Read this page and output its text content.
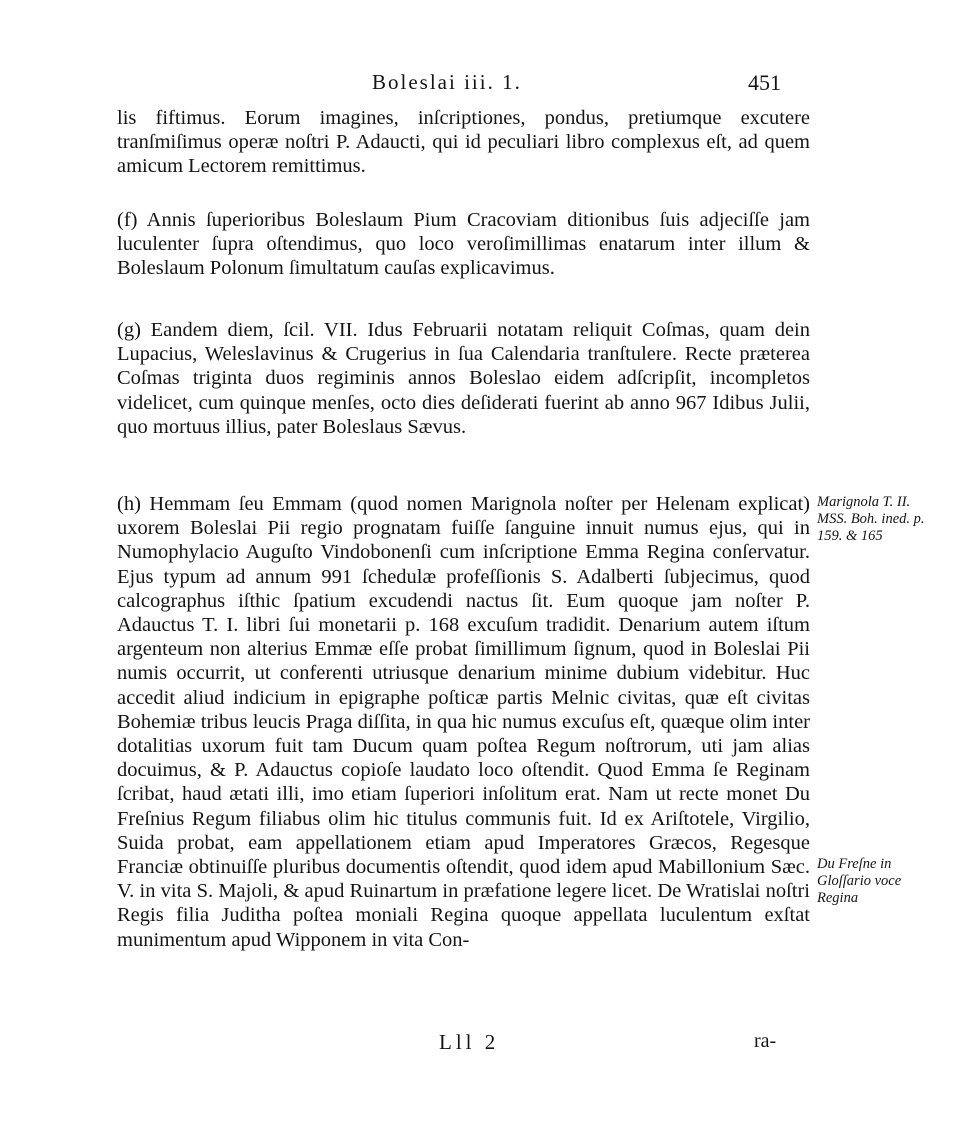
Boleslai iii. 1.	451

lis fiftimus. Eorum imagines, inſcriptiones, pondus, pretiumque excutere tranſmiſimus operæ noſtri P. Adaucti, qui id peculiari libro complexus eſt, ad quem amicum Lectorem remittimus.

(f) Annis ſuperioribus Boleslaum Pium Cracoviam ditionibus ſuis adjeciſſe jam luculenter ſupra oſtendimus, quo loco veroſimillimas enatarum inter illum & Boleslaum Polonum ſimultatum cauſas explicavimus.

(g) Eandem diem, ſcil. VII. Idus Februarii notatam reliquit Coſmas, quam dein Lupacius, Weleslavinus & Crugerius in ſua Calendaria tranſtulere. Recte præterea Coſmas triginta duos regiminis annos Boleslao eidem adſcripſit, incompletos videlicet, cum quinque menſes, octo dies deſiderati fuerint ab anno 967 Idibus Julii, quo mortuus illius, pater Boleslaus Sævus.

(h) Hemmam ſeu Emmam (quod nomen Marignola noſter per Helenam explicat) uxorem Boleslai Pii regio prognatam fuiſſe ſanguine innuit numus ejus, qui in Numophylacio Auguſto Vindobonenſi cum inſcriptione Emma Regina conſervatur. Ejus typum ad annum 991 ſchedulæ profeſſionis S. Adalberti ſubjecimus, quod calcographus iſthic ſpatium excudendi nactus ſit. Eum quoque jam noſter P. Adauctus T. I. libri ſui monetarii p. 168 excuſum tradidit. Denarium autem iſtum argenteum non alterius Emmæ eſſe probat ſimillimum ſignum, quod in Boleslai Pii numis occurrit, ut conferenti utriusque denarium minime dubium videbitur. Huc accedit aliud indicium in epigraphe poſticæ partis Melnic civitas, quæ eſt civitas Bohemiæ tribus leucis Praga diſſita, in qua hic numus excuſus eſt, quæque olim inter dotalitias uxorum fuit tam Ducum quam poſtea Regum noſtrorum, uti jam alias docuimus, & P. Adauctus copioſe laudato loco oſtendit. Quod Emma ſe Reginam ſcribat, haud ætati illi, imo etiam ſuperiori inſolitum erat. Nam ut recte monet Du Freſnius Regum filiabus olim hic titulus communis fuit. Id ex Ariſtotele, Virgilio, Suida probat, eam appellationem etiam apud Imperatores Græcos, Regesque Franciæ obtinuiſſe pluribus documentis oſtendit, quod idem apud Mabillonium Sæc. V. in vita S. Majoli, & apud Ruinartum in præfatione legere licet. De Wratislai noſtri Regis filia Juditha poſtea moniali Regina quoque appellata luculentum exſtat munimentum apud Wipponem in vita Con-

Marignola T. II. MSS. Boh. ined. p. 159. & 165
Du Freſne in Gloſſario voce Regina
Lll 2	ra-
